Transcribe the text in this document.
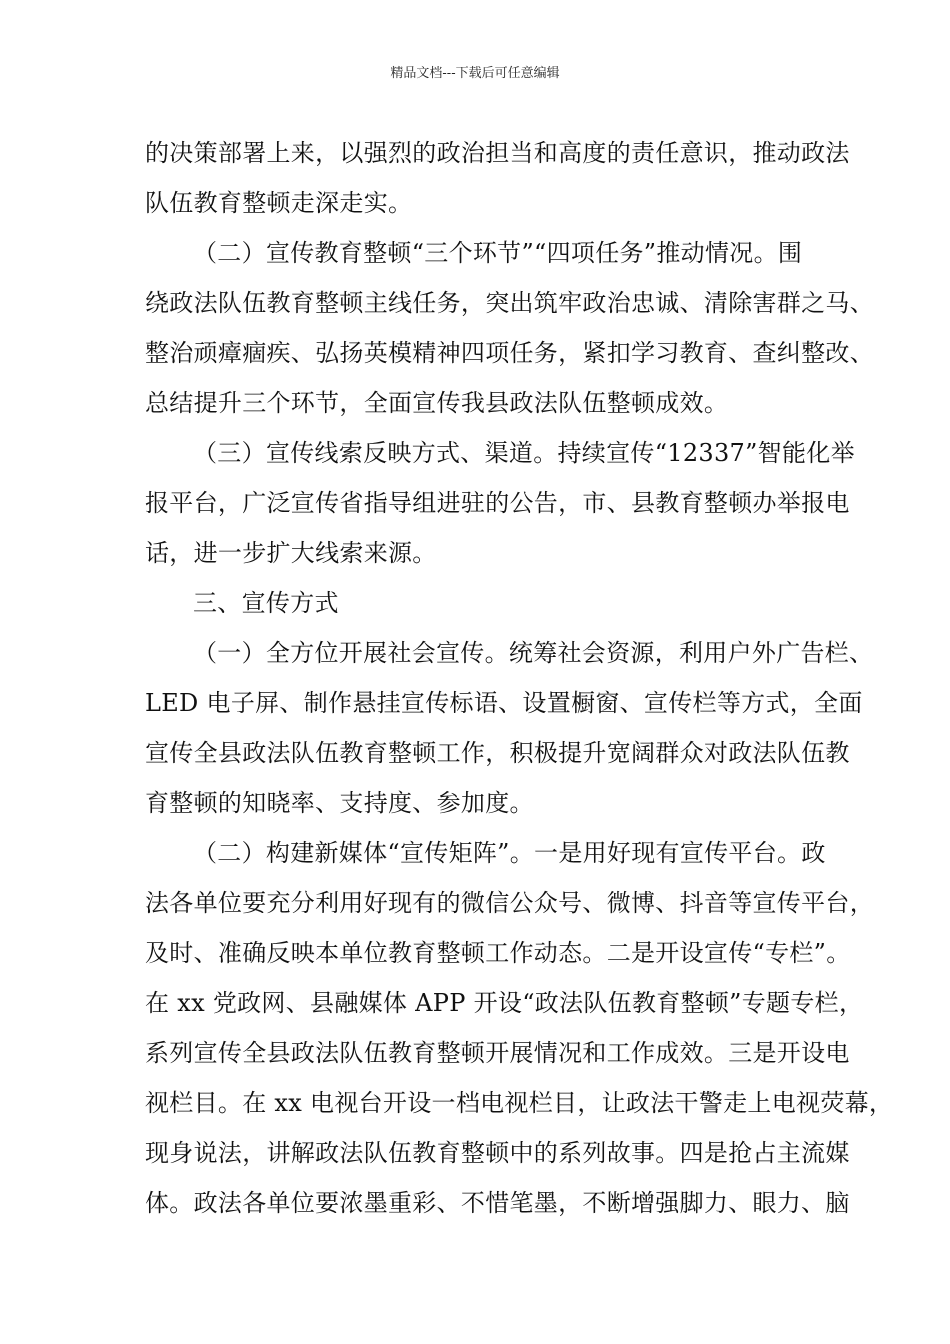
精品文档---下载后可任意编辑
的决策部署上来，以强烈的政治担当和高度的责任意识，推动政法
队伍教育整顿走深走实。
（二）宣传教育整顿“三个环节”“四项任务”推动情况。围
绕政法队伍教育整顿主线任务，突出筑牢政治忠诚、清除害群之马、
整治顽瘴痼疾、弘扬英模精神四项任务，紧扣学习教育、查纠整改、
总结提升三个环节，全面宣传我县政法队伍整顿成效。
（三）宣传线索反映方式、渠道。持续宣传“12337”智能化举
报平台，广泛宣传省指导组进驻的公告，市、县教育整顿办举报电
话，进一步扩大线索来源。
三、宣传方式
（一）全方位开展社会宣传。统筹社会资源，利用户外广告栏、
LED 电子屏、制作悬挂宣传标语、设置橱窗、宣传栏等方式，全面
宣传全县政法队伍教育整顿工作，积极提升宽阔群众对政法队伍教
育整顿的知晓率、支持度、参加度。
（二）构建新媒体“宣传矩阵”。一是用好现有宣传平台。政
法各单位要充分利用好现有的微信公众号、微博、抖音等宣传平台，
及时、准确反映本单位教育整顿工作动态。二是开设宣传“专栏”。
在 xx 党政网、县融媒体 APP 开设“政法队伍教育整顿”专题专栏，
系列宣传全县政法队伍教育整顿开展情况和工作成效。三是开设电
视栏目。在 xx 电视台开设一档电视栏目，让政法干警走上电视荧幕，
现身说法，讲解政法队伍教育整顿中的系列故事。四是抢占主流媒
体。政法各单位要浓墨重彩、不惜笔墨，不断增强脚力、眼力、脑
